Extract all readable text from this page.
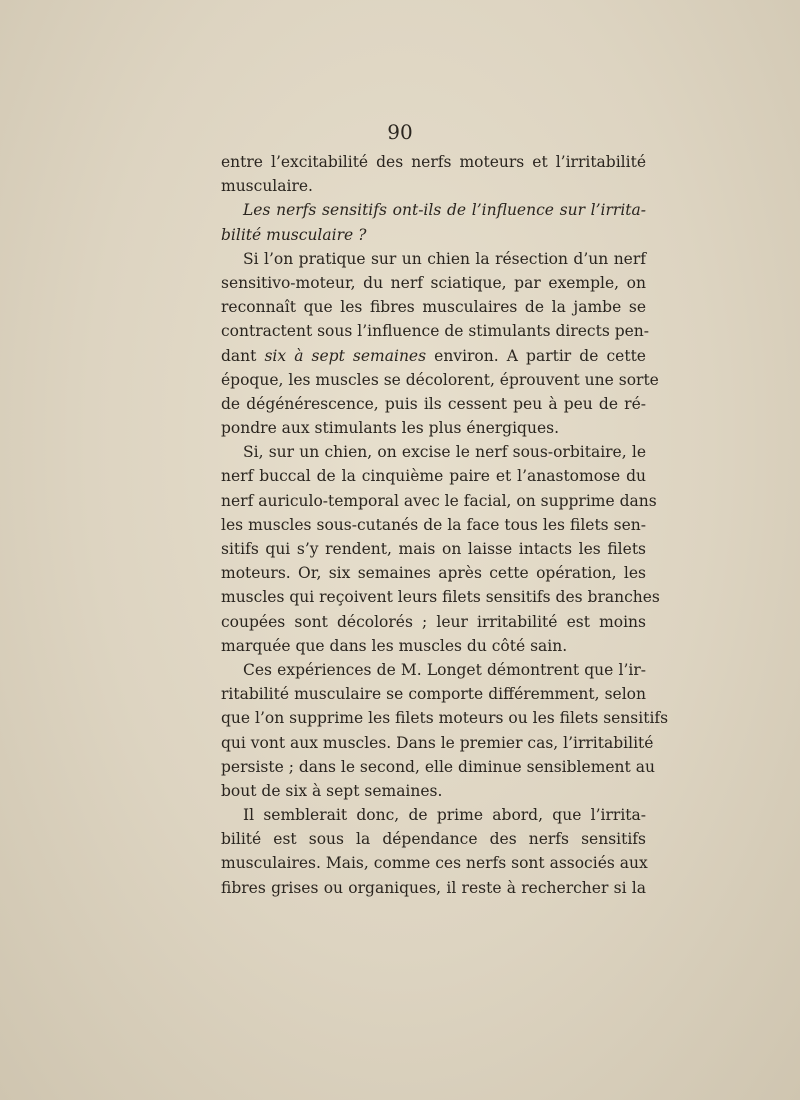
90
entre l’excitabilité des nerfs moteurs et l’irritabilité
musculaire.
Les nerfs sensitifs ont-ils de l’influence sur l’irrita-
bilité musculaire ?
Si l’on pratique sur un chien la résection d’un nerf
sensitivo-moteur, du nerf sciatique, par exemple, on
reconnaît que les fibres musculaires de la jambe se
contractent sous l’influence de stimulants directs pen-
dant six à sept semaines environ. A partir de cette
époque, les muscles se décolorent, éprouvent une sorte
de dégénérescence, puis ils cessent peu à peu de ré-
pondre aux stimulants les plus énergiques.
Si, sur un chien, on excise le nerf sous-orbitaire, le
nerf buccal de la cinquième paire et l’anastomose du
nerf auriculo-temporal avec le facial, on supprime dans
les muscles sous-cutanés de la face tous les filets sen-
sitifs qui s’y rendent, mais on laisse intacts les filets
moteurs. Or, six semaines après cette opération, les
muscles qui reçoivent leurs filets sensitifs des branches
coupées sont décolorés ; leur irritabilité est moins
marquée que dans les muscles du côté sain.
Ces expériences de M. Longet démontrent que l’ir-
ritabilité musculaire se comporte différemment, selon
que l’on supprime les filets moteurs ou les filets sensitifs
qui vont aux muscles. Dans le premier cas, l’irritabilité
persiste ; dans le second, elle diminue sensiblement au
bout de six à sept semaines.
Il semblerait donc, de prime abord, que l’irrita-
bilité est sous la dépendance des nerfs sensitifs
musculaires. Mais, comme ces nerfs sont associés aux
fibres grises ou organiques, il reste à rechercher si la
